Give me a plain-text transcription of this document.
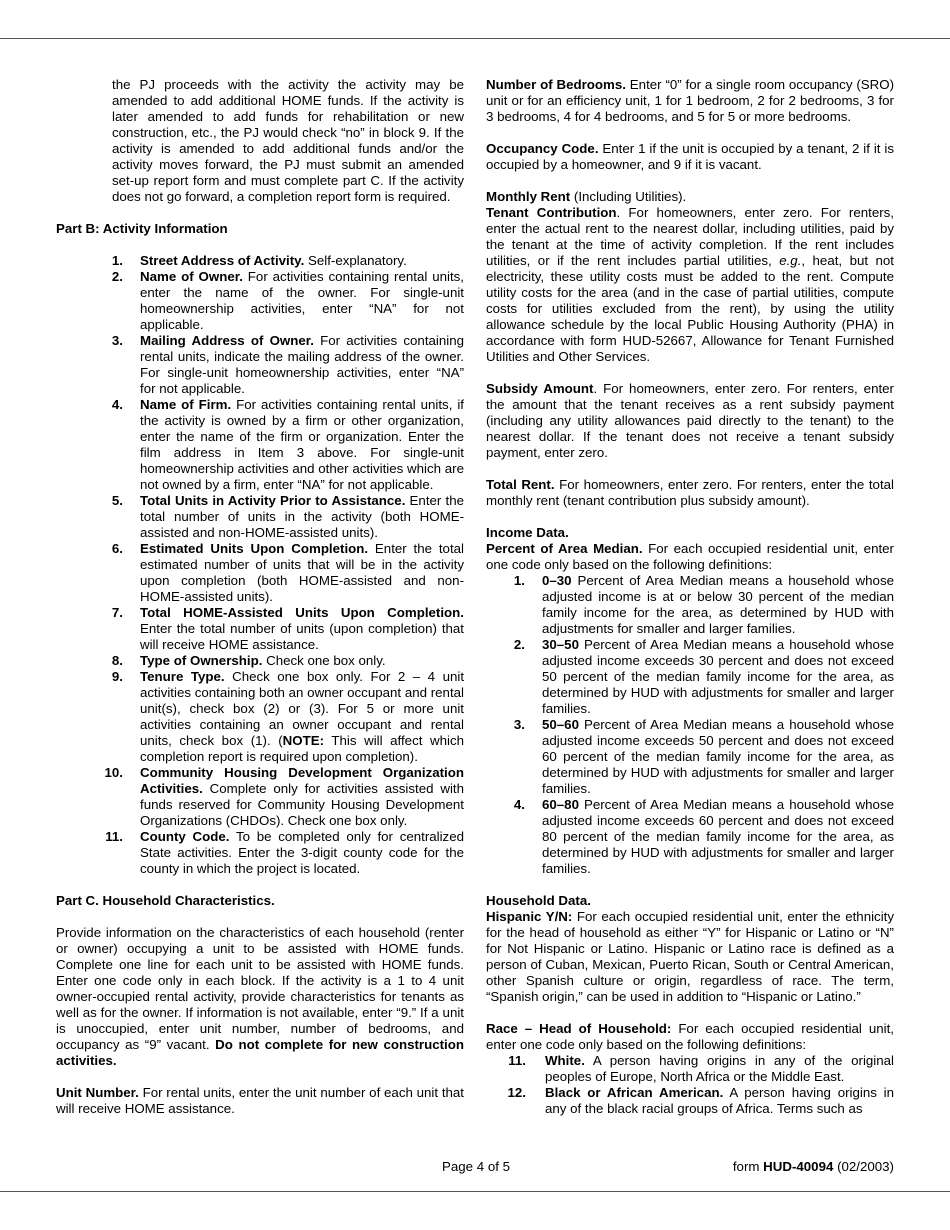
the PJ proceeds with the activity the activity may be amended to add additional HOME funds. If the activity is later amended to add funds for rehabilitation or new construction, etc., the PJ would check “no” in block 9. If the activity is amended to add additional funds and/or the activity moves forward, the PJ must submit an amended set-up report form and must complete part C. If the activity does not go forward, a completion report form is required.

Part B: Activity Information

1.	Street Address of Activity. Self-explanatory.
2.	Name of Owner. For activities containing rental units, enter the name of the owner. For single-unit homeownership activities, enter “NA” for not applicable.
3.	Mailing Address of Owner. For activities containing rental units, indicate the mailing address of the owner. For single-unit homeownership activities, enter “NA” for not applicable.
4.	Name of Firm. For activities containing rental units, if the activity is owned by a firm or other organization, enter the name of the firm or organization. Enter the film address in Item 3 above. For single-unit homeownership activities and other activities which are not owned by a firm, enter “NA” for not applicable.
5.	Total Units in Activity Prior to Assistance. Enter the total number of units in the activity (both HOME-assisted and non-HOME-assisted units).
6.	Estimated Units Upon Completion. Enter the total estimated number of units that will be in the activity upon completion (both HOME-assisted and non-HOME-assisted units).
7.	Total HOME-Assisted Units Upon Completion. Enter the total number of units (upon completion) that will receive HOME assistance.
8.	Type of Ownership. Check one box only.
9.	Tenure Type. Check one box only. For 2 – 4 unit activities containing both an owner occupant and rental unit(s), check box (2) or (3). For 5 or more unit activities containing an owner occupant and rental units, check box (1). (NOTE: This will affect which completion report is required upon completion).
10.	Community Housing Development Organization Activities. Complete only for activities assisted with funds reserved for Community Housing Development Organizations (CHDOs). Check one box only.
11.	County Code. To be completed only for centralized State activities. Enter the 3-digit county code for the county in which the project is located.

Part C. Household Characteristics.

Provide information on the characteristics of each household (renter or owner) occupying a unit to be assisted with HOME funds. Complete one line for each unit to be assisted with HOME funds. Enter one code only in each block. If the activity is a 1 to 4 unit owner-occupied rental activity, provide characteristics for tenants as well as for the owner. If information is not available, enter “9.” If a unit is unoccupied, enter unit number, number of bedrooms, and occupancy as “9” vacant. Do not complete for new construction activities.

Unit Number. For rental units, enter the unit number of each unit that will receive HOME assistance.

Number of Bedrooms. Enter “0” for a single room occupancy (SRO) unit or for an efficiency unit, 1 for 1 bedroom, 2 for 2 bedrooms, 3 for 3 bedrooms, 4 for 4 bedrooms, and 5 for 5 or more bedrooms.

Occupancy Code. Enter 1 if the unit is occupied by a tenant, 2 if it is occupied by a homeowner, and 9 if it is vacant.

Monthly Rent (Including Utilities).

Tenant Contribution. For homeowners, enter zero. For renters, enter the actual rent to the nearest dollar, including utilities, paid by the tenant at the time of activity completion. If the rent includes utilities, or if the rent includes partial utilities, e.g., heat, but not electricity, these utility costs must be added to the rent. Compute utility costs for the area (and in the case of partial utilities, compute costs for utilities excluded from the rent), by using the utility allowance schedule by the local Public Housing Authority (PHA) in accordance with form HUD-52667, Allowance for Tenant Furnished Utilities and Other Services.

Subsidy Amount. For homeowners, enter zero. For renters, enter the amount that the tenant receives as a rent subsidy payment (including any utility allowances paid directly to the tenant) to the nearest dollar. If the tenant does not receive a tenant subsidy payment, enter zero.

Total Rent. For homeowners, enter zero. For renters, enter the total monthly rent (tenant contribution plus subsidy amount).

Income Data.

Percent of Area Median. For each occupied residential unit, enter one code only based on the following definitions:

1.	0–30 Percent of Area Median means a household whose adjusted income is at or below 30 percent of the median family income for the area, as determined by HUD with adjustments for smaller and larger families.
2.	30–50 Percent of Area Median means a household whose adjusted income exceeds 30 percent and does not exceed 50 percent of the median family income for the area, as determined by HUD with adjustments for smaller and larger families.
3.	50–60 Percent of Area Median means a household whose adjusted income exceeds 50 percent and does not exceed 60 percent of the median family income for the area, as determined by HUD with adjustments for smaller and larger families.
4.	60–80 Percent of Area Median means a household whose adjusted income exceeds 60 percent and does not exceed 80 percent of the median family income for the area, as determined by HUD with adjustments for smaller and larger families.

Household Data.

Hispanic Y/N: For each occupied residential unit, enter the ethnicity for the head of household as either “Y” for Hispanic or Latino or “N” for Not Hispanic or Latino. Hispanic or Latino race is defined as a person of Cuban, Mexican, Puerto Rican, South or Central American, other Spanish culture or origin, regardless of race. The term, “Spanish origin,” can be used in addition to “Hispanic or Latino.”

Race – Head of Household: For each occupied residential unit, enter one code only based on the following definitions:

11.	White. A person having origins in any of the original peoples of Europe, North Africa or the Middle East.
12.	Black or African American. A person having origins in any of the black racial groups of Africa. Terms such as
Page 4 of 5	form HUD-40094 (02/2003)
